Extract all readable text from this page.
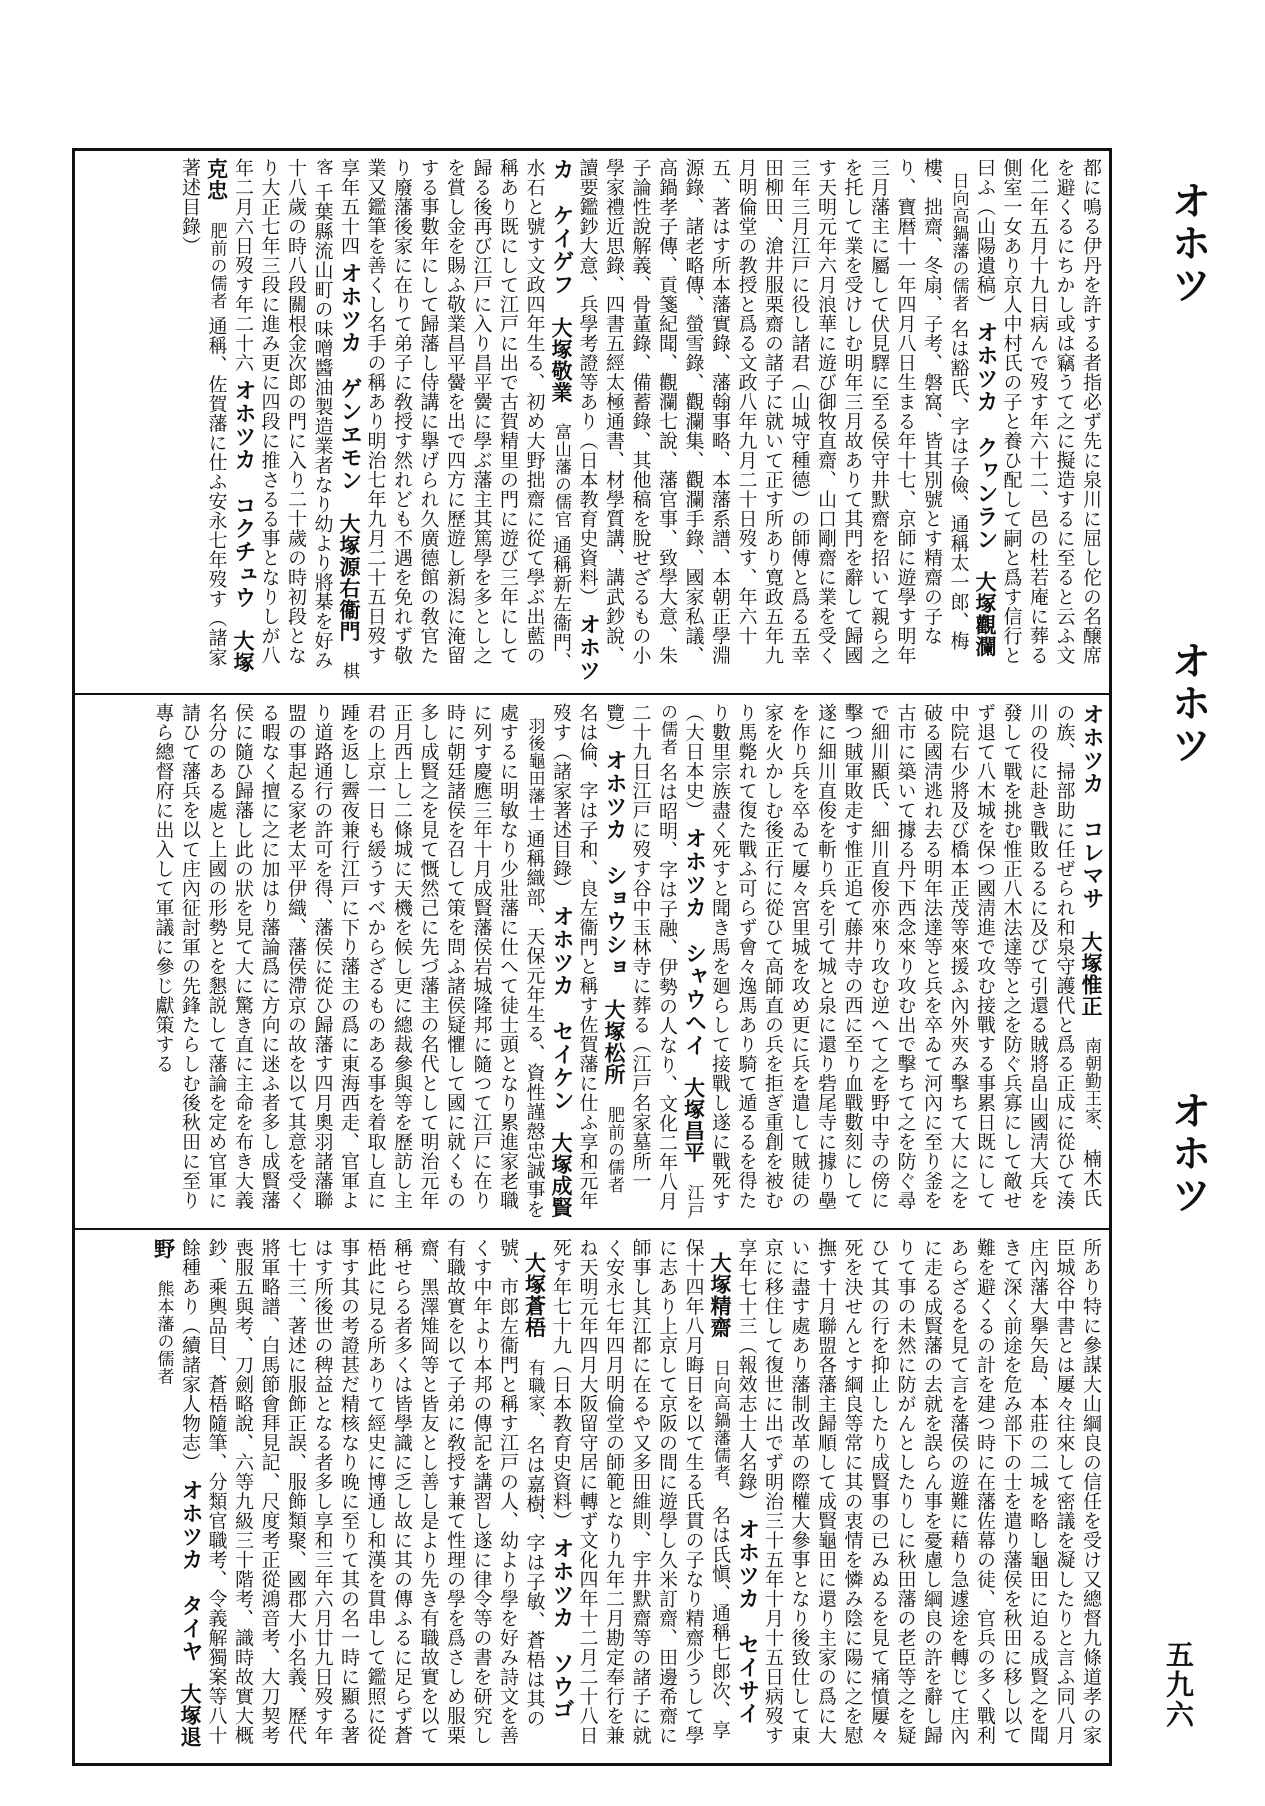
オホツ
オホツ
オホツ
五九六
都に鳴る伊丹を許する者指必ず先に泉川に屈し佗の名醸席を避くるにちかし或は竊うて之に擬造するに至ると云ふ文化二年五月十九日病んで歿す年六十二、邑の杜若庵に葬る側室一女あり京人中村氏の子と養ひ配して嗣と爲す信行と曰ふ（山陽遺稿） オホツカ　クヮンラン 大塚觀瀾 日向高鍋藩の儒者 名は豁氏、字は子儉、通稱太一郎、梅樓、拙齋、冬扇、子考、磐窩、皆其別號とす精齋の子なり、寶暦十一年四月八日生まる年十七、京師に遊學す明年三月藩主に屬して伏見驛に至る侯守井默齋を招いて親ら之を托して業を受けしむ明年三月故ありて其門を辭して歸國す天明元年六月浪華に遊び御牧直齋、山口剛齋に業を受く三年三月江戸に役し諸君（山城守種德）の師傅と爲る五幸田柳田、滄井服栗齋の諸子に就いて正す所あり寛政五年九月明倫堂の教授と爲る文政八年九月二十日歿す、年六十五、著はす所本藩實錄、藩翰事略、本藩系譜、本朝正學淵源錄、諸老略傳、螢雪錄、觀瀾集、觀瀾手錄、國家私議、高鍋孝子傳、貢箋紀聞、觀瀾七說、藩官事、致學大意、朱子論性說解義、骨董錄、備蓄錄、其他稿を脫せざるもの小學家禮近思錄、四書五經太極通書、材學質講、講武鈔說、讀要鑑鈔大意、兵學考證等あり（日本教育史資料） オホツカ　ケイゲフ 大塚敬業 富山藩の儒官 通稱新左衞門、水石と號す文政四年生る、初め大野拙齋に從て學ぶ出藍の稱あり既にして江戸に出で古賀精里の門に遊び三年にして歸る後再び江戸に入り昌平黌に學ぶ藩主其篤學を多とし之を賞し金を賜ふ敬業昌平黌を出で四方に歷遊し新潟に淹留する事數年にして歸藩し侍講に擧げられ久廣德館の敎官たり廢藩後家に在りて弟子に敎授す然れども不遇を免れず敬業又鑑筆を善くし名手の稱あり明治七年九月二十五日歿す享年五十四 オホツカ　ゲンヱモン 大塚源右衞門 棋客 千葉縣流山町の味噌醬油製造業者なり幼より將棊を好み十八歲の時八段關根金次郎の門に入り二十歲の時初段となり大正七年三段に進み更に四段に推さるる事となりしが八年二月六日歿す年二十六 オホツカ　コクチュウ 大塚克忠 肥前の儒者 通稱、佐賀藩に仕ふ安永七年歿す（諸家著述目錄）
オホツカ　コレマサ 大塚惟正 南朝勤王家、 楠木氏の族、掃部助に任ぜられ和泉守護代と爲る正成に從ひて湊川の役に赴き戰敗るるに及びて引還る賊將畠山國淸大兵を發して戰を挑む惟正八木法達等と之を防ぐ兵寡にして敵せず退て八木城を保つ國淸進で攻む接戰する事累日既にして中院右少將及び橋本正茂等來援ふ內外夾み擊ちて大に之を破る國淸逃れ去る明年法達等と兵を卒ゐて河內に至り釜を古市に築いて據る丹下西念來り攻む出で擊ちて之を防ぐ尋で細川顯氏、細川直俊亦來り攻む逆へて之を野中寺の傍に擊つ賊軍敗走す惟正追て藤井寺の西に至り血戰數刻にして遂に細川直俊を斬り兵を引て城と泉に還り砦尾寺に據り壘を作り兵を卒ゐて屢々宮里城を攻め更に兵を遣して賊徒の家を火かしむ後正行に從ひて高師直の兵を拒ぎ重創を被むり馬斃れて復た戰ふ可らず會々逸馬あり騎て遁るるを得たり數里宗族盡く死すと聞き馬を廻らして接戰し遂に戰死す（大日本史） オホツカ　シャウヘイ 大塚昌平 江戸の儒者 名は昭明、字は子融、伊勢の人なり、文化二年八月二十九日江戸に歿す谷中玉林寺に葬る（江戸名家墓所一覽） オホツカ　ショウショ 大塚松所 肥前の儒者 名は倫、字は子和、良左衞門と稱す佐賀藩に仕ふ享和元年歿す（諸家著述目錄） オホツカ　セイケン 大塚成賢 羽後龜田藩士 通稱織部、天保元年生る、資性謹慤忠誠事を處するに明敏なり少壯藩に仕へて徒士頭となり累進家老職に列す慶應三年十月成賢藩侯岩城隆邦に隨つて江戸に在り時に朝廷諸侯を召して策を問ふ諸侯疑懼して國に就くもの多し成賢之を見て慨然己に先づ藩主の名代として明治元年正月西上し二條城に天機を候し更に總裁參與等を歷訪し主君の上京一日も緩うすべからざるものある事を着取し直に踵を返し霽夜兼行江戸に下り藩主の爲に東海西走、官軍より道路通行の許可を得、藩侯に從ひ歸藩す四月奧羽諸藩聯盟の事起る家老太平伊織、藩侯滯京の故を以て其意を受くる暇なく擅に之に加はり藩論爲に方向に迷ふ者多し成賢藩侯に隨ひ歸藩し此の狀を見て大に驚き直に主命を布き大義名分のある處と上國の形勢とを懇説して藩論を定め官軍に請ひて藩兵を以て庄內征討軍の先鋒たらしむ後秋田に至り專ら總督府に出入して軍議に參じ獻策する
所あり特に參謀大山綱良の信任を受け又總督九條道孝の家臣城谷中書とは屢々往來して密議を凝したりと言ふ同八月庄內藩大擧矢島、本莊の二城を略し龜田に迫る成賢之を聞きて深く前途を危み部下の士を遣り藩侯を秋田に移し以て難を避くるの計を建つ時に在藩佐幕の徒、官兵の多く戰利あらざるを見て言を藩侯の遊難に藉り急遽途を轉じて庄內に走る成賢藩の去就を誤らん事を憂慮し綱良の許を辭し歸りて事の未然に防がんとしたりしに秋田藩の老臣等之を疑ひて其の行を抑止したり成賢事の已みぬるを見て痛憤屢々死を決せんとす綱良等常に其の衷情を憐み陰に陽に之を慰撫す十月聯盟各藩主歸順して成賢龜田に還り主家の爲に大いに盡す處あり藩制改革の際權大參事となり後致仕して東京に移住して復世に出でず明治三十五年十月十五日病歿す享年七十三（報效志士人名錄） オホツカ　セイサイ 大塚精齋 日向高鍋藩儒者、 名は氏愼、通稱七郎次、享保十四年八月晦日を以て生る氏貫の子なり精齋少うして學に志あり上京して京阪の間に遊學し久米訂齋、田邊希齋に師事し其江都に在るや又多田維則、宇井默齋等の諸子に就く安永七年四月明倫堂の師範となり九年二月勘定奉行を兼ね天明元年四月大阪留守居に轉ず文化四年十二月二十八日死す年七十九（日本教育史資料） オホツカ　ソウゴ 大塚蒼梧 有職家、 名は嘉樹、字は子敏、蒼梧は其の號、市郎左衞門と稱す江戸の人、幼より學を好み詩文を善くす中年より本邦の傳記を講習し遂に律令等の書を研究し有職故實を以て子弟に敎授す兼て性理の學を爲さしめ服栗齋、黑澤雉岡等と皆友とし善し是より先き有職故實を以て稱せらる者多くは皆學識に乏し故に其の傳ふるに足らず蒼梧此に見る所ありて經史に博通し和漢を貫串して鑑照に從事す其の考證甚だ精核なり晚に至りて其の名一時に顯る著はす所後世の稗益となる者多し享和三年六月廿九日歿す年七十三、著述に服飾正誤、服飾類聚、國郡大小名義、歷代將軍略譜、白馬節會拜見記、尺度考正從鴻音考、大刀契考喪服五與考、刀劍略說、六等九級三十階考、識時故實大概鈔、乘輿品目、蒼梧隨筆、分類官職考、令義解獨案等八十餘種あり（續諸家人物志） オホツカ　タイヤ 大塚退野 熊本藩の儒者
